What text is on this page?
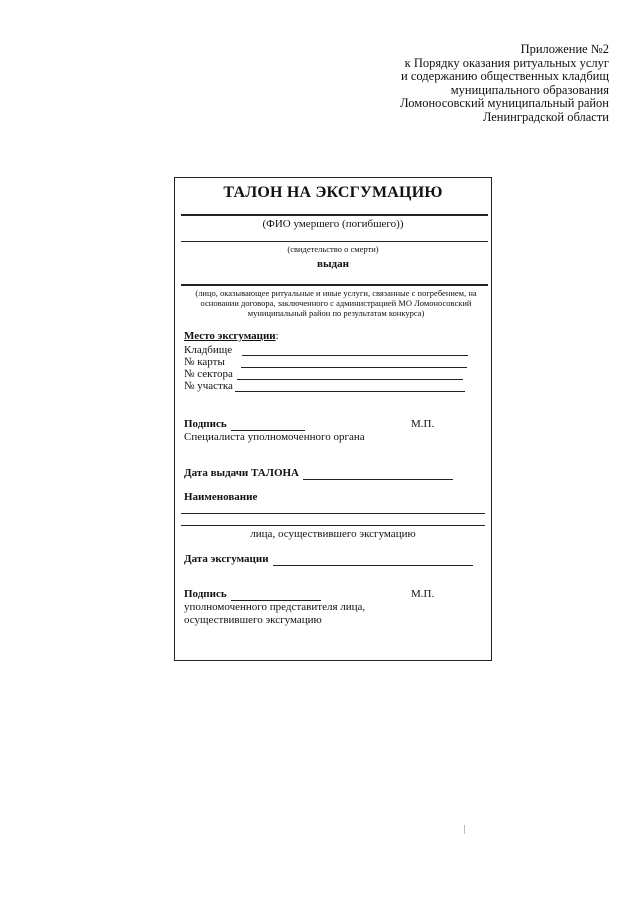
Приложение №2
к Порядку оказания ритуальных услуг
и содержанию общественных кладбищ
муниципального образования
Ломоносовский муниципальный район
Ленинградской области
ТАЛОН НА ЭКСГУМАЦИЮ
(ФИО умершего (погибшего))
(свидетельство о смерти)
выдан
(лицо, оказывающее ритуальные и иные услуги, связанные с погребением, на основании договора, заключенного с администрацией МО Ломоносовский муниципальный район по результатам конкурса)
Место эксгумации:
Кладбище
№ карты
№ сектора
№ участка
Подпись	М.П.
Специалиста уполномоченного органа
Дата выдачи ТАЛОНА
Наименование
лица, осуществившего эксгумацию
Дата эксгумации
Подпись	М.П.
уполномоченного представителя лица,
осуществившего эксгумацию
